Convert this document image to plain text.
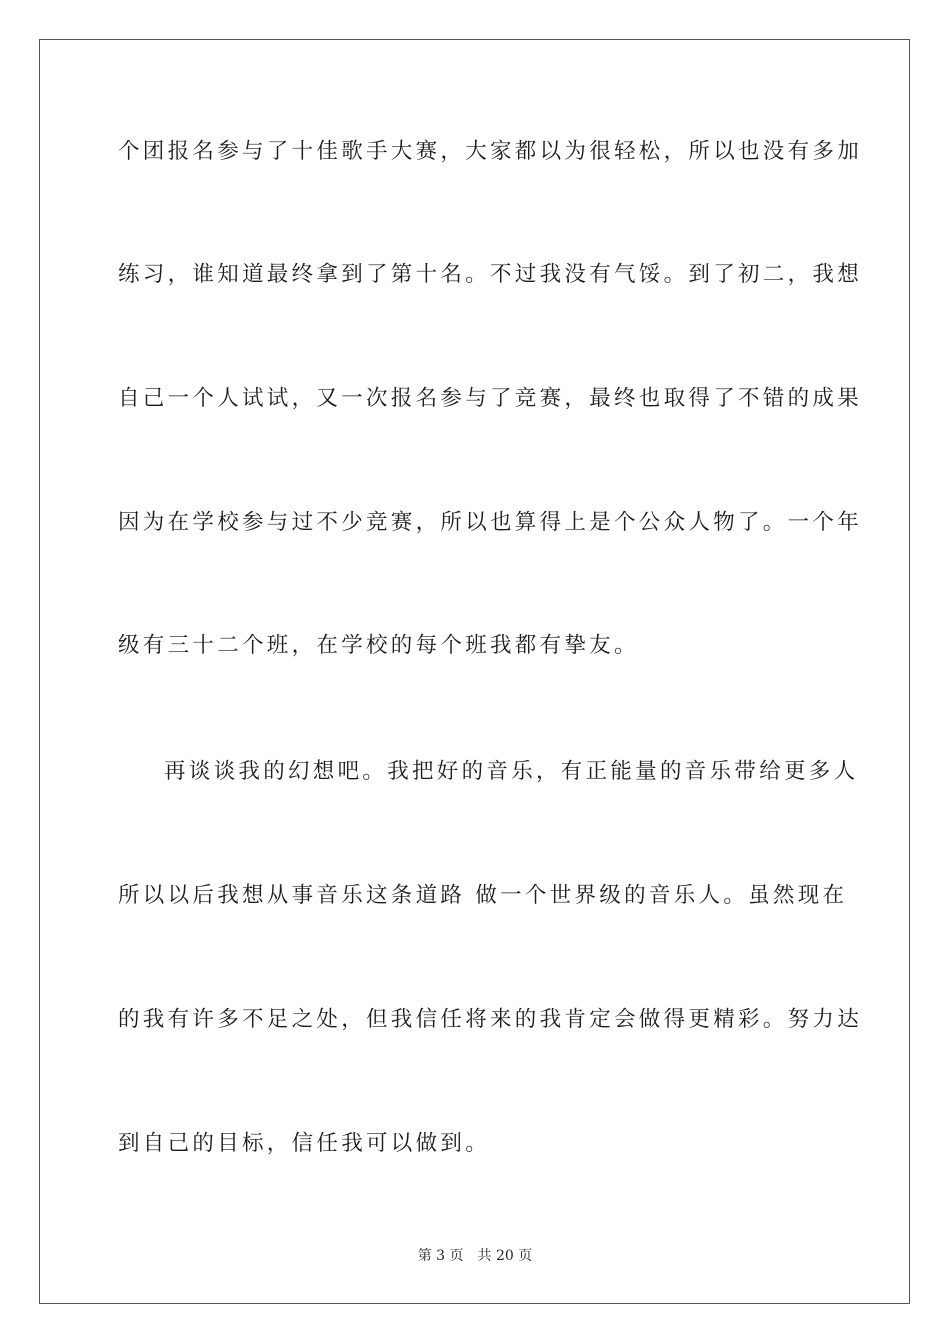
个团报名参与了十佳歌手大赛，大家都以为很轻松，所以也没有多加
练习，谁知道最终拿到了第十名。不过我没有气馁。到了初二，我想
自己一个人试试，又一次报名参与了竞赛，最终也取得了不错的成果
因为在学校参与过不少竞赛，所以也算得上是个公众人物了。一个年
级有三十二个班，在学校的每个班我都有挚友。
再谈谈我的幻想吧。我把好的音乐，有正能量的音乐带给更多人
所以以后我想从事音乐这条道路 做一个世界级的音乐人。虽然现在
的我有许多不足之处，但我信任将来的我肯定会做得更精彩。努力达
到自己的目标，信任我可以做到。
第 3 页 共 20 页
